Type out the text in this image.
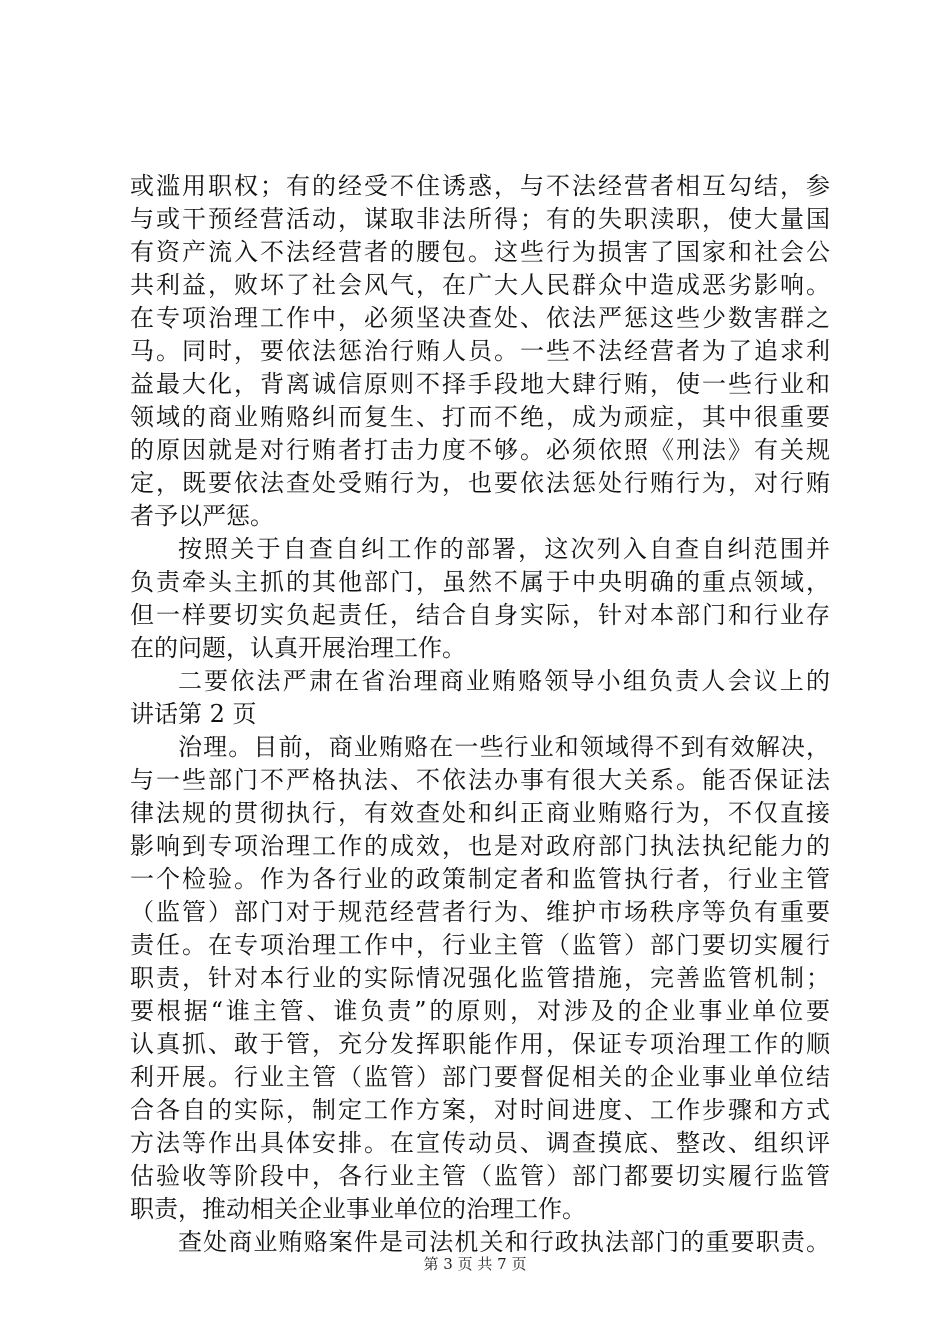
或滥用职权；有的经受不住诱惑，与不法经营者相互勾结，参
与或干预经营活动，谋取非法所得；有的失职渎职，使大量国
有资产流入不法经营者的腰包。这些行为损害了国家和社会公
共利益，败坏了社会风气，在广大人民群众中造成恶劣影响。
在专项治理工作中，必须坚决查处、依法严惩这些少数害群之
马。同时，要依法惩治行贿人员。一些不法经营者为了追求利
益最大化，背离诚信原则不择手段地大肆行贿，使一些行业和
领域的商业贿赂纠而复生、打而不绝，成为顽症，其中很重要
的原因就是对行贿者打击力度不够。必须依照《刑法》有关规
定，既要依法查处受贿行为，也要依法惩处行贿行为，对行贿
者予以严惩。
按照关于自查自纠工作的部署，这次列入自查自纠范围并
负责牵头主抓的其他部门，虽然不属于中央明确的重点领域，
但一样要切实负起责任，结合自身实际，针对本部门和行业存
在的问题，认真开展治理工作。
二要依法严肃在省治理商业贿赂领导小组负责人会议上的
讲话第 2 页
治理。目前，商业贿赂在一些行业和领域得不到有效解决，
与一些部门不严格执法、不依法办事有很大关系。能否保证法
律法规的贯彻执行，有效查处和纠正商业贿赂行为，不仅直接
影响到专项治理工作的成效，也是对政府部门执法执纪能力的
一个检验。作为各行业的政策制定者和监管执行者，行业主管
（监管）部门对于规范经营者行为、维护市场秩序等负有重要
责任。在专项治理工作中，行业主管（监管）部门要切实履行
职责，针对本行业的实际情况强化监管措施，完善监管机制；
要根据“谁主管、谁负责”的原则，对涉及的企业事业单位要
认真抓、敢于管，充分发挥职能作用，保证专项治理工作的顺
利开展。行业主管（监管）部门要督促相关的企业事业单位结
合各自的实际，制定工作方案，对时间进度、工作步骤和方式
方法等作出具体安排。在宣传动员、调查摸底、整改、组织评
估验收等阶段中，各行业主管（监管）部门都要切实履行监管
职责，推动相关企业事业单位的治理工作。
查处商业贿赂案件是司法机关和行政执法部门的重要职责。
第 3 页 共 7 页
